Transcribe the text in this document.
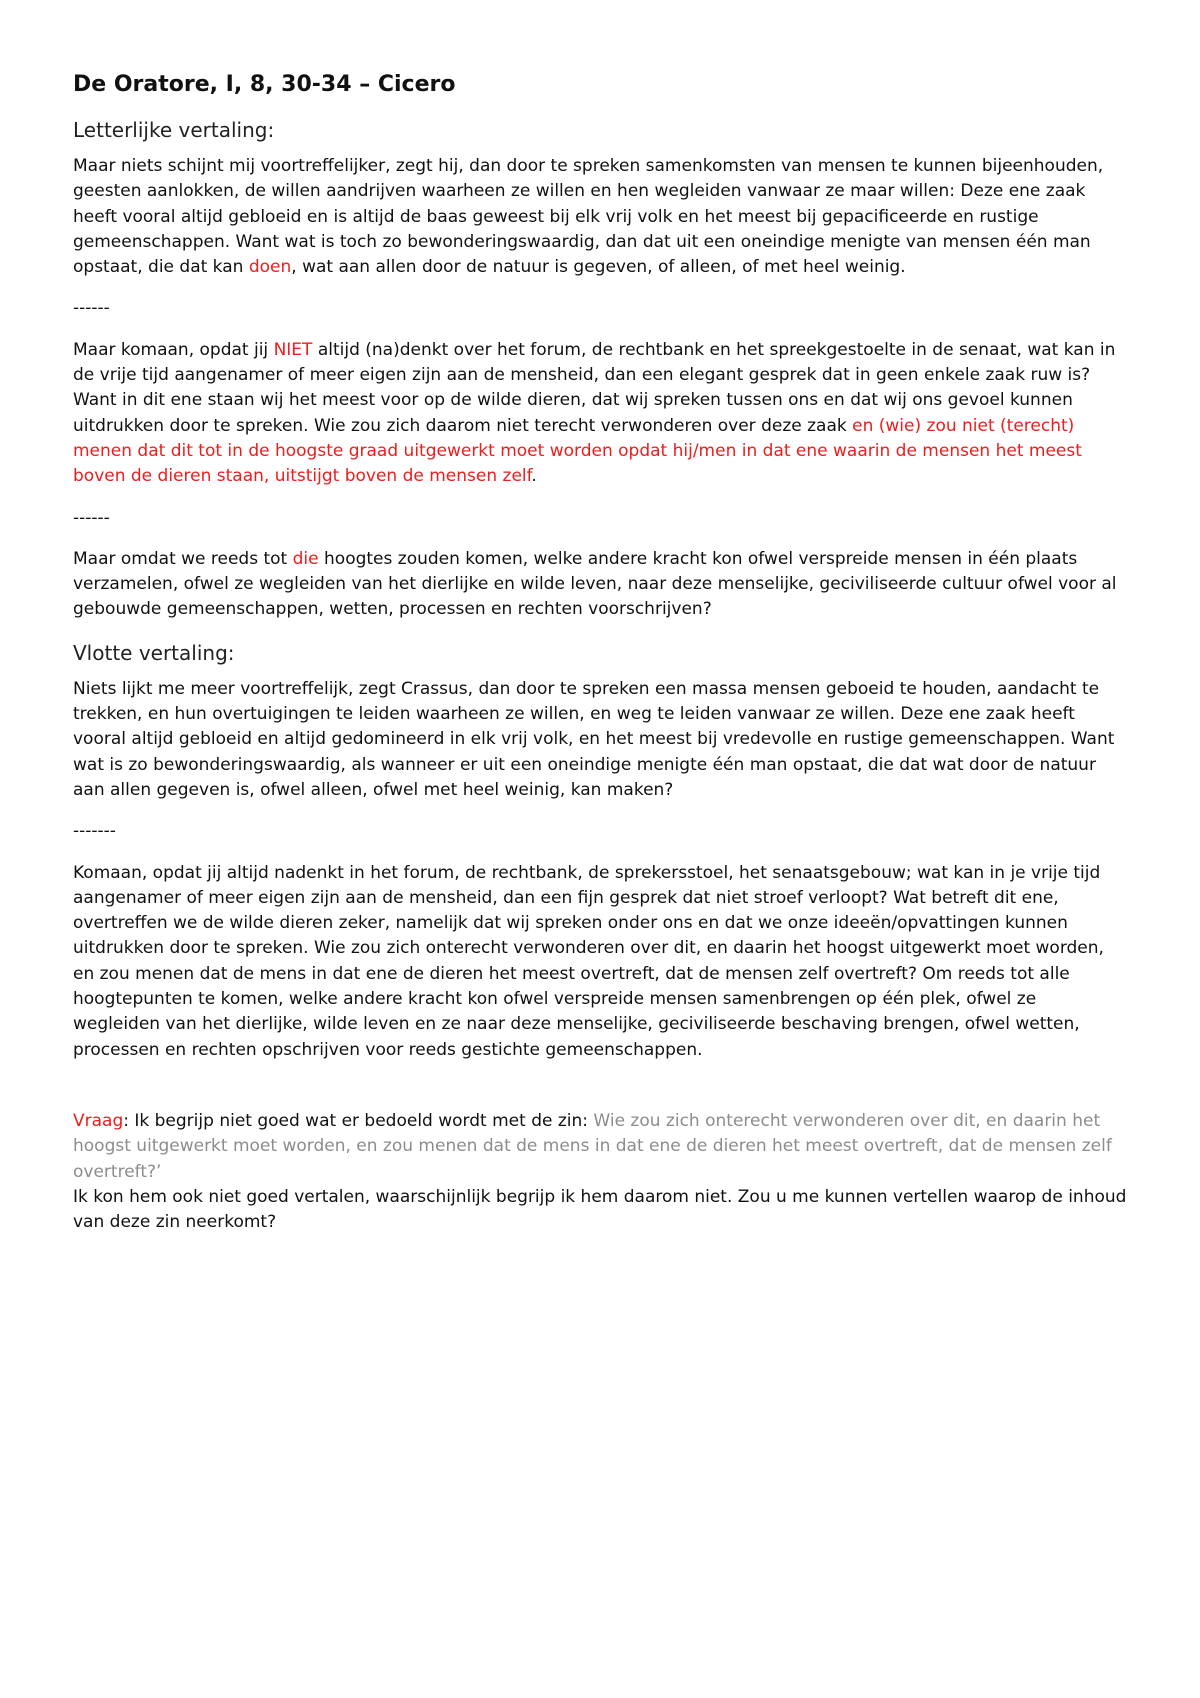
De Oratore, I, 8, 30-34 – Cicero
Letterlijke vertaling:

Maar niets schijnt mij voortreffelijker, zegt hij, dan door te spreken samenkomsten van mensen te kunnen bijeenhouden, geesten aanlokken, de willen aandrijven waarheen ze willen en hen wegleiden vanwaar ze maar willen: Deze ene zaak heeft vooral altijd gebloeid en is altijd de baas geweest bij elk vrij volk en het meest bij gepacificeerde en rustige gemeenschappen. Want wat is toch zo bewonderingswaardig, dan dat uit een oneindige menigte van mensen één man opstaat, die dat kan doen, wat aan allen door de natuur is gegeven, of alleen, of met heel weinig.

------

Maar komaan, opdat jij NIET altijd (na)denkt over het forum, de rechtbank en het spreekgestoelte in de senaat, wat kan in de vrije tijd aangenamer of meer eigen zijn aan de mensheid, dan een elegant gesprek dat in geen enkele zaak ruw is? Want in dit ene staan wij het meest voor op de wilde dieren, dat wij spreken tussen ons en dat wij ons gevoel kunnen uitdrukken door te spreken. Wie zou zich daarom niet terecht verwonderen over deze zaak en (wie) zou niet (terecht) menen dat dit tot in de hoogste graad uitgewerkt moet worden opdat hij/men in dat ene waarin de mensen het meest boven de dieren staan, uitstijgt boven de mensen zelf.

------

Maar omdat we reeds tot die hoogtes zouden komen, welke andere kracht kon ofwel verspreide mensen in één plaats verzamelen, ofwel ze wegleiden van het dierlijke en wilde leven, naar deze menselijke, geciviliseerde cultuur ofwel voor al gebouwde gemeenschappen, wetten, processen en rechten voorschrijven?

Vlotte vertaling:

Niets lijkt me meer voortreffelijk, zegt Crassus, dan door te spreken een massa mensen geboeid te houden, aandacht te trekken, en hun overtuigingen te leiden waarheen ze willen, en weg te leiden vanwaar ze willen. Deze ene zaak heeft vooral altijd gebloeid en altijd gedomineerd in elk vrij volk, en het meest bij vredevolle en rustige gemeenschappen. Want wat is zo bewonderingswaardig, als wanneer er uit een oneindige menigte één man opstaat, die dat wat door de natuur aan allen gegeven is, ofwel alleen, ofwel met heel weinig, kan maken?

-------

Komaan, opdat jij altijd nadenkt in het forum, de rechtbank, de sprekersstoel, het senaatsgebouw; wat kan in je vrije tijd aangenamer of meer eigen zijn aan de mensheid, dan een fijn gesprek dat niet stroef verloopt? Wat betreft dit ene, overtreffen we de wilde dieren zeker, namelijk dat wij spreken onder ons en dat we onze ideeën/opvattingen kunnen uitdrukken door te spreken. Wie zou zich onterecht verwonderen over dit, en daarin het hoogst uitgewerkt moet worden, en zou menen dat de mens in dat ene de dieren het meest overtreft, dat de mensen zelf overtreft? Om reeds tot alle hoogtepunten te komen, welke andere kracht kon ofwel verspreide mensen samenbrengen op één plek, ofwel ze wegleiden van het dierlijke, wilde leven en ze naar deze menselijke, geciviliseerde beschaving brengen, ofwel wetten, processen en rechten opschrijven voor reeds gestichte gemeenschappen.

Vraag: Ik begrijp niet goed wat er bedoeld wordt met de zin: Wie zou zich onterecht verwonderen over dit, en daarin het hoogst uitgewerkt moet worden, en zou menen dat de mens in dat ene de dieren het meest overtreft, dat de mensen zelf overtreft?’

Ik kon hem ook niet goed vertalen, waarschijnlijk begrijp ik hem daarom niet. Zou u me kunnen vertellen waarop de inhoud van deze zin neerkomt?
